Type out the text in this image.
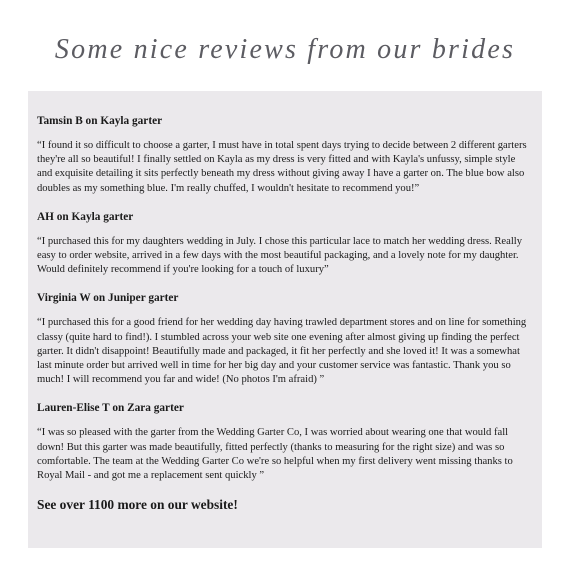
Some nice reviews from our brides
Tamsin B on Kayla garter

“I found it so difficult to choose a garter, I must have in total spent days trying to decide between 2 different garters they're all so beautiful! I finally settled on Kayla as my dress is very fitted and with Kayla's unfussy, simple style and exquisite detailing it sits perfectly beneath my dress without giving away I have a garter on. The blue bow also doubles as my something blue. I'm really chuffed, I wouldn't hesitate to recommend you!”

AH on Kayla garter

“I purchased this for my daughters wedding in July. I chose this particular lace to match her wedding dress. Really easy to order website, arrived in a few days with the most beautiful packaging, and a lovely note for my daughter. Would definitely recommend if you're looking for a touch of luxury”

Virginia W on Juniper garter

“I purchased this for a good friend for her wedding day having trawled department stores and on line for something classy (quite hard to find!). I stumbled across your web site one evening after almost giving up finding the perfect garter. It didn't disappoint! Beautifully made and packaged, it fit her perfectly and she loved it! It was a somewhat last minute order but arrived well in time for her big day and your customer service was fantastic. Thank you so much! I will recommend you far and wide! (No photos I'm afraid) ”

Lauren-Elise T on Zara garter

“I was so pleased with the garter from the Wedding Garter Co, I was worried about wearing one that would fall down! But this garter was made beautifully, fitted perfectly (thanks to measuring for the right size) and was so comfortable. The team at the Wedding Garter Co we're so helpful when my first delivery went missing thanks to Royal Mail - and got me a replacement sent quickly ”

See over 1100 more on our website!
